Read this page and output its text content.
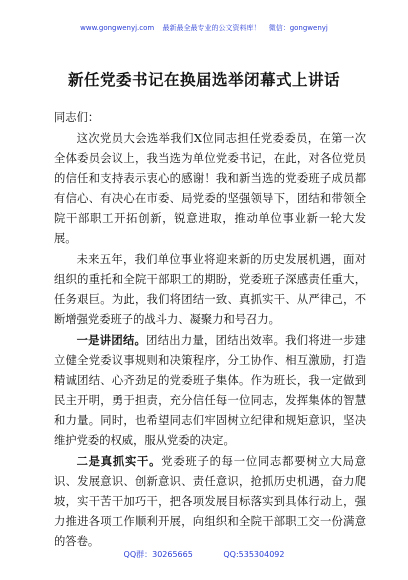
www.gongwenyj.com 最新最全最专业的公文资料库！ 微信：gongwenyj
新任党委书记在换届选举闭幕式上讲话

同志们：

这次党员大会选举我们X位同志担任党委委员，在第一次全体委员会议上，我当选为单位党委书记，在此，对各位党员的信任和支持表示衷心的感谢！我和新当选的党委班子成员都有信心、有决心在市委、局党委的坚强领导下，团结和带领全院干部职工开拓创新，锐意进取，推动单位事业新一轮大发展。

未来五年，我们单位事业将迎来新的历史发展机遇，面对组织的重托和全院干部职工的期盼，党委班子深感责任重大，任务艰巨。为此，我们将团结一致、真抓实干、从严律己，不断增强党委班子的战斗力、凝聚力和号召力。

一是讲团结。团结出力量，团结出效率。我们将进一步建立健全党委议事规则和决策程序，分工协作、相互激励，打造精诚团结、心齐劲足的党委班子集体。作为班长，我一定做到民主开明，勇于担责，充分信任每一位同志，发挥集体的智慧和力量。同时，也希望同志们牢固树立纪律和规矩意识，坚决维护党委的权威，服从党委的决定。

二是真抓实干。党委班子的每一位同志都要树立大局意识、发展意识、创新意识、责任意识，抢抓历史机遇，奋力爬坡，实干苦干加巧干，把各项发展目标落实到具体行动上，强力推进各项工作顺利开展，向组织和全院干部职工交一份满意的答卷。

QQ群：30265665	QQ:535304092
